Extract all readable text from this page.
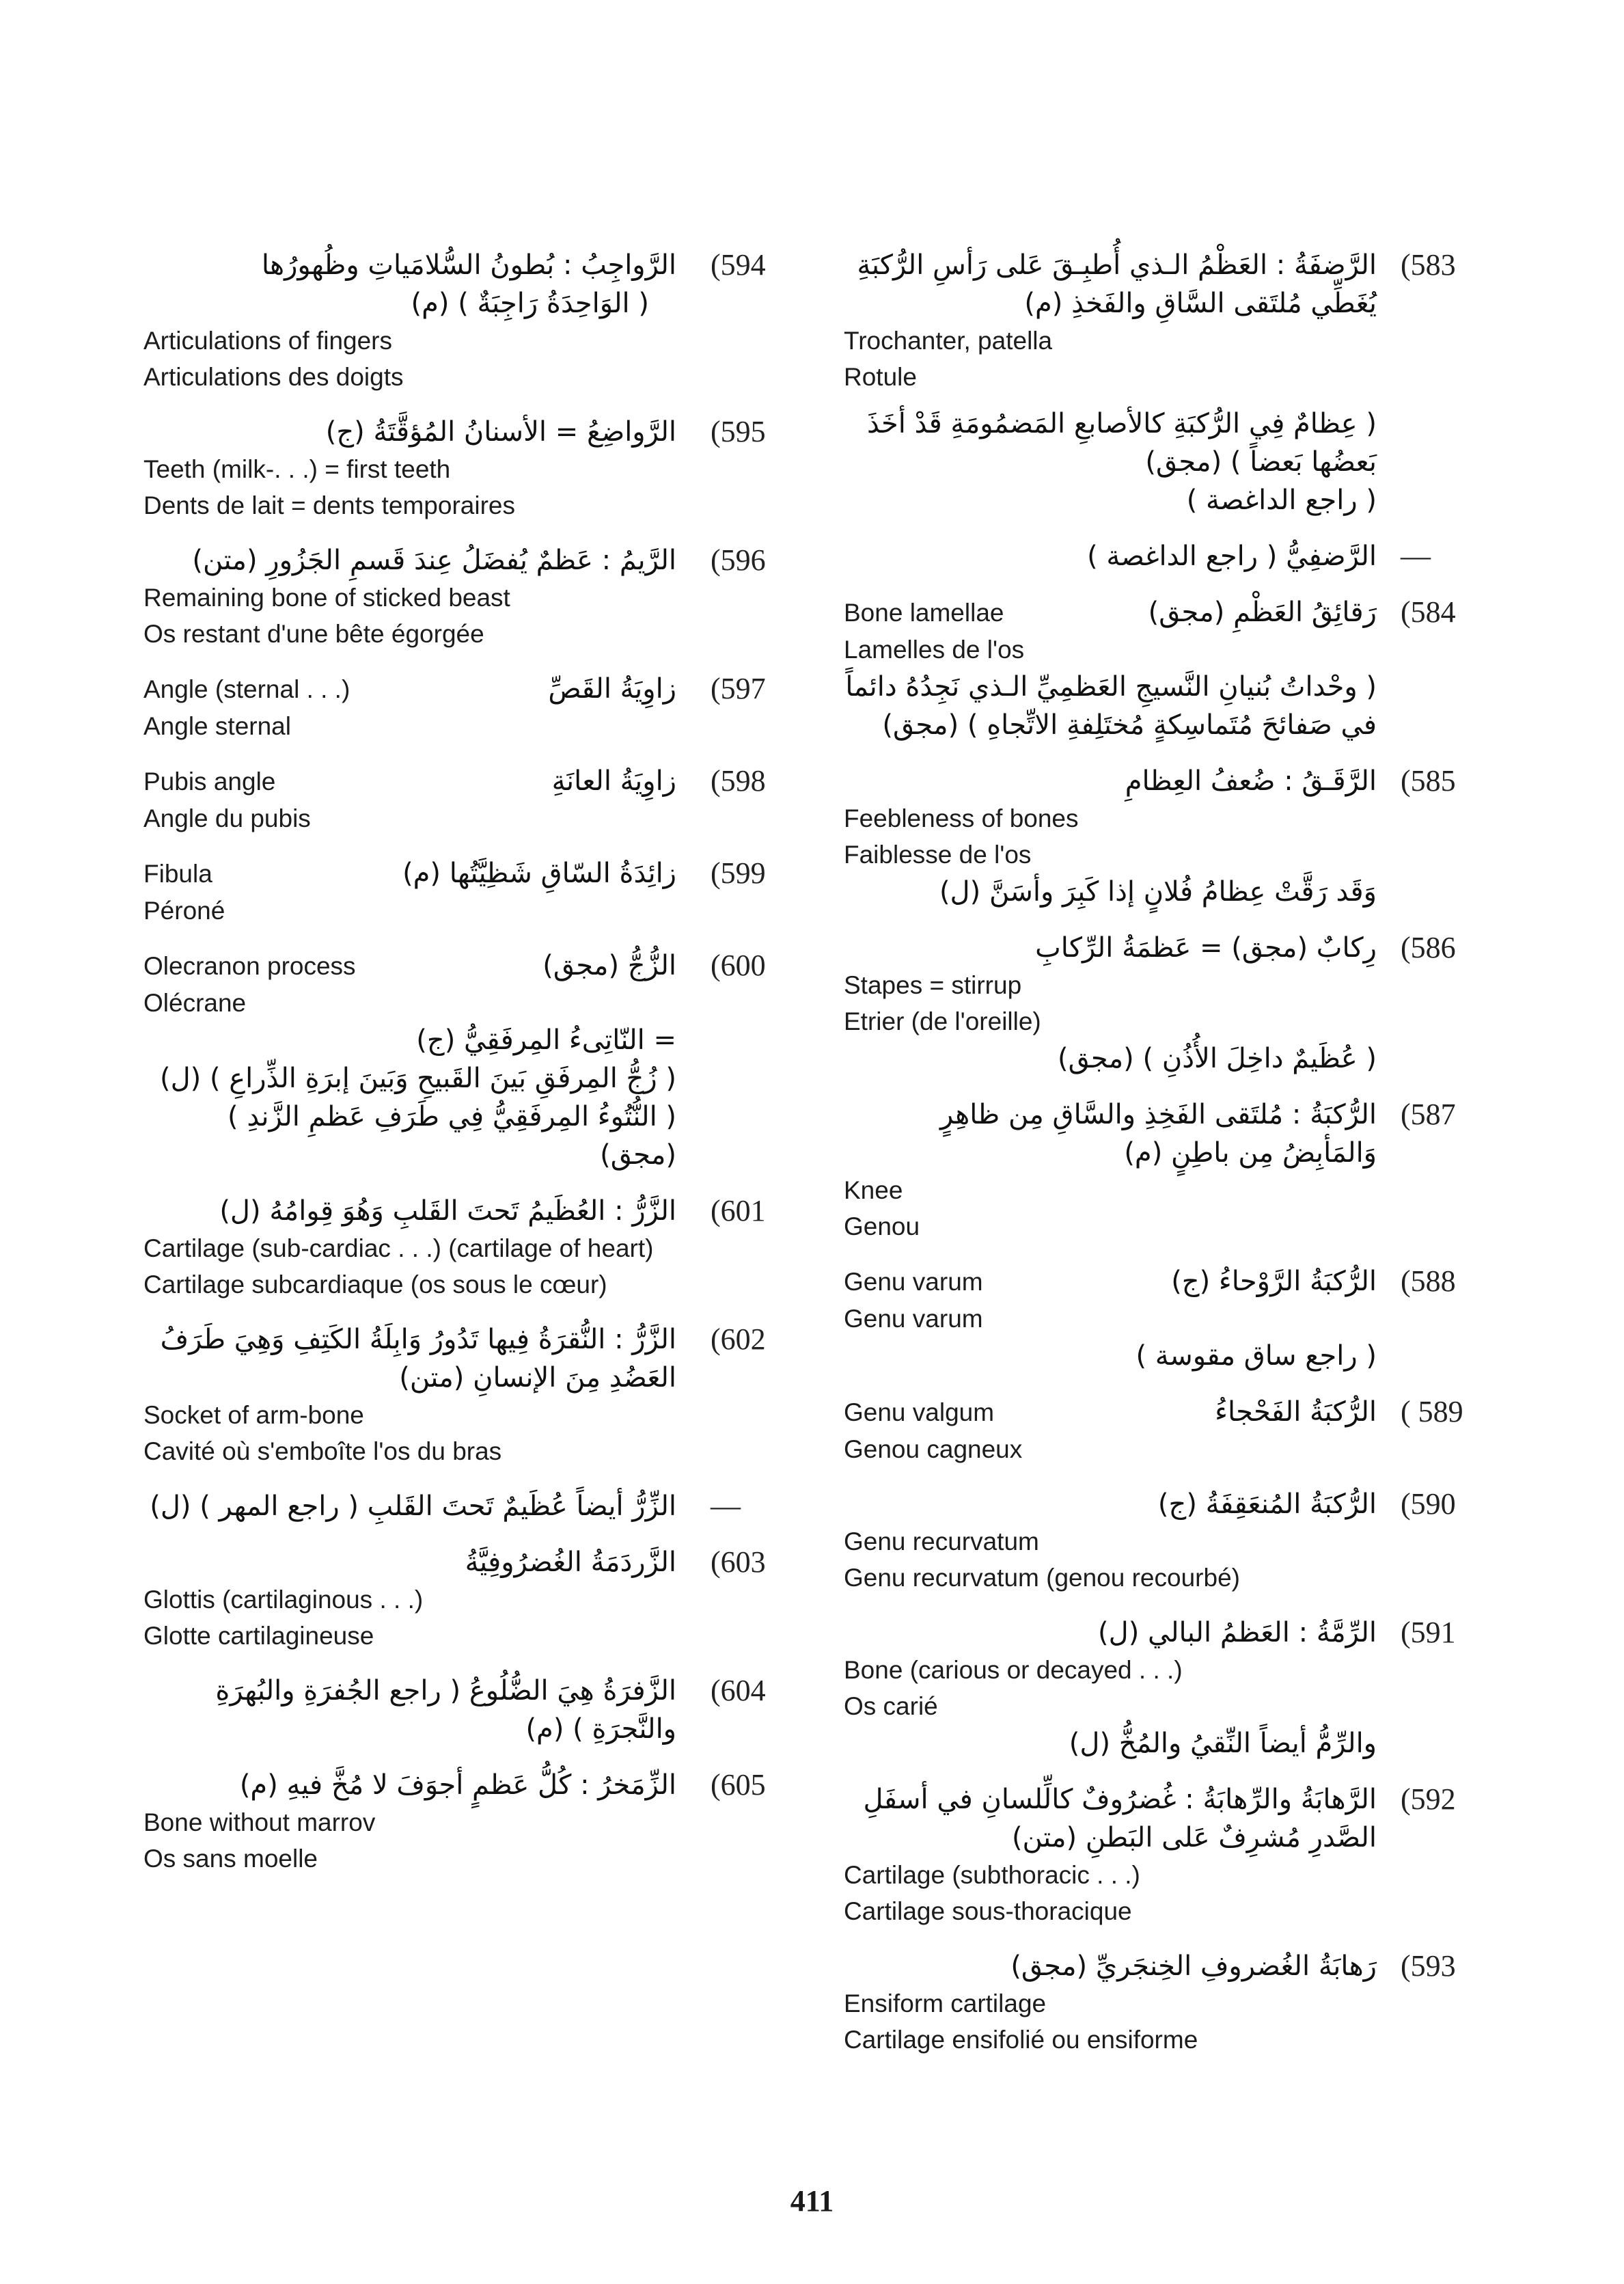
(583
الرَّضفَةُ : العَظْمُ الـذي أُطبِـقَ عَلى رَأسِ الرُّكبَةِ يُغَطِّي مُلتَقى السَّاقِ والفَخذِ (م)
Trochanter, patella
Rotule
( عِظامٌ فِي الرُّكبَةِ كالأصابعِ المَضمُومَةِ قَدْ أخَذَ بَعضُها بَعضاً ) (مجق)
( راجع الداغصة )
—
الرَّضفِيُّ ( راجع الداغصة )
(584
Bone lamellae	رَقائِقُ العَظْمِ (مجق)
Lamelles de l'os
( وحْداتُ بُنيانِ النَّسيجِ العَظمِيِّ الـذي نَجِدُهُ دائماً في صَفائحَ مُتَماسِكةٍ مُختَلِفةِ الاتِّجاهِ ) (مجق)
(585
الرَّقَـقُ : ضُعفُ العِظامِ
Feebleness of bones
Faiblesse de l'os
وَقَد رَقَّتْ عِظامُ فُلانٍ إذا كَبِرَ وأسَنَّ (ل)
(586
رِكابٌ (مجق) = عَظمَةُ الرِّكابِ
Stapes = stirrup
Etrier (de l'oreille)
( عُظَيمٌ داخِلَ الأُذُنِ ) (مجق)
(587
الرُّكبَةُ : مُلتَقى الفَخِذِ والسَّاقِ مِن ظاهِرٍ وَالمَأبِضُ مِن باطِنٍ (م)
Knee
Genou
(588
Genu varum	الرُّكبَةُ الرَّوْحاءُ (ج)
Genu varum
( راجع ساق مقوسة )
( 589
Genu valgum	الرُّكبَةُ الفَحْجاءُ
Genou cagneux
(590
الرُّكبَةُ المُنعَقِفَةُ (ج)
Genu recurvatum
Genu recurvatum (genou recourbé)
(591
الرِّمَّةُ : العَظمُ البالي (ل)
Bone (carious or decayed . . .)
Os carié
والرِّمُّ أيضاً النِّقيُ والمُخُّ (ل)
(592
الرَّهابَةُ والرِّهابَةُ : غُضرُوفٌ كالِّلسانِ في أسفَلِ الصَّدرِ مُشرِفٌ عَلى البَطنِ (متن)
Cartilage (subthoracic . . .)
Cartilage sous-thoracique
(593
رَهابَةُ الغُضروفِ الخِنجَريِّ (مجق)
Ensiform cartilage
Cartilage ensifolié ou ensiforme
(594
الرَّواجِبُ : بُطونُ السُّلامَياتِ وظُهورُها
( الوَاحِدَةُ رَاجِبَةٌ ) (م)
Articulations of fingers
Articulations des doigts
(595
الرَّواضِعُ = الأسنانُ المُؤقَّتَةُ (ج)
Teeth (milk-. . .) = first teeth
Dents de lait = dents temporaires
(596
الرَّيمُ : عَظمٌ يُفضَلُ عِندَ قَسمِ الجَزُورِ (متن)
Remaining bone of sticked beast
Os restant d'une bête égorgée
(597
Angle (sternal . . .)	زاوِيَةُ القَصِّ
Angle sternal
(598
Pubis angle	زاوِيَةُ العانَةِ
Angle du pubis
(599
Fibula	زائِدَةُ السّاقِ شَظِيَّتُها (م)
Péroné
(600
Olecranon process	الزُّجُّ (مجق)
Olécrane
= النّاتِىءُ المِرفَقِيُّ (ج)
( زُجُّ المِرفَقِ بَينَ القَبيحِ وَبَينَ إبرَةِ الذِّراعِ ) (ل)
( النُّتُوءُ المِرفَقِيُّ فِي طَرَفِ عَظمِ الزَّندِ ) (مجق)
(601
الزَّرُّ : العُظَيمُ تَحتَ القَلبِ وَهُوَ قِوامُهُ (ل)
Cartilage (sub-cardiac . . .) (cartilage of heart)
Cartilage subcardiaque (os sous le cœur)
(602
الزَّرُّ : النُّقرَةُ فِيها تَدُورُ وَابِلَةُ الكَتِفِ وَهِيَ طَرَفُ العَضُدِ مِنَ الإنسانِ (متن)
Socket of arm-bone
Cavité où s'emboîte l'os du bras
—
الزِّرُّ أيضاً عُظَيمٌ تَحتَ القَلبِ ( راجع المهر ) (ل)
(603
الزَّردَمَةُ الغُضرُوفِيَّةُ
Glottis (cartilaginous . . .)
Glotte cartilagineuse
(604
الزَّفرَةُ هِيَ الضُّلُوعُ ( راجع الجُفرَةِ والبُهرَةِ والنَّجرَةِ ) (م)
(605
الزِّمَخرُ : كُلُّ عَظمٍ أجوَفَ لا مُخَّ فيهِ (م)
Bone without marrov
Os sans moelle
411
